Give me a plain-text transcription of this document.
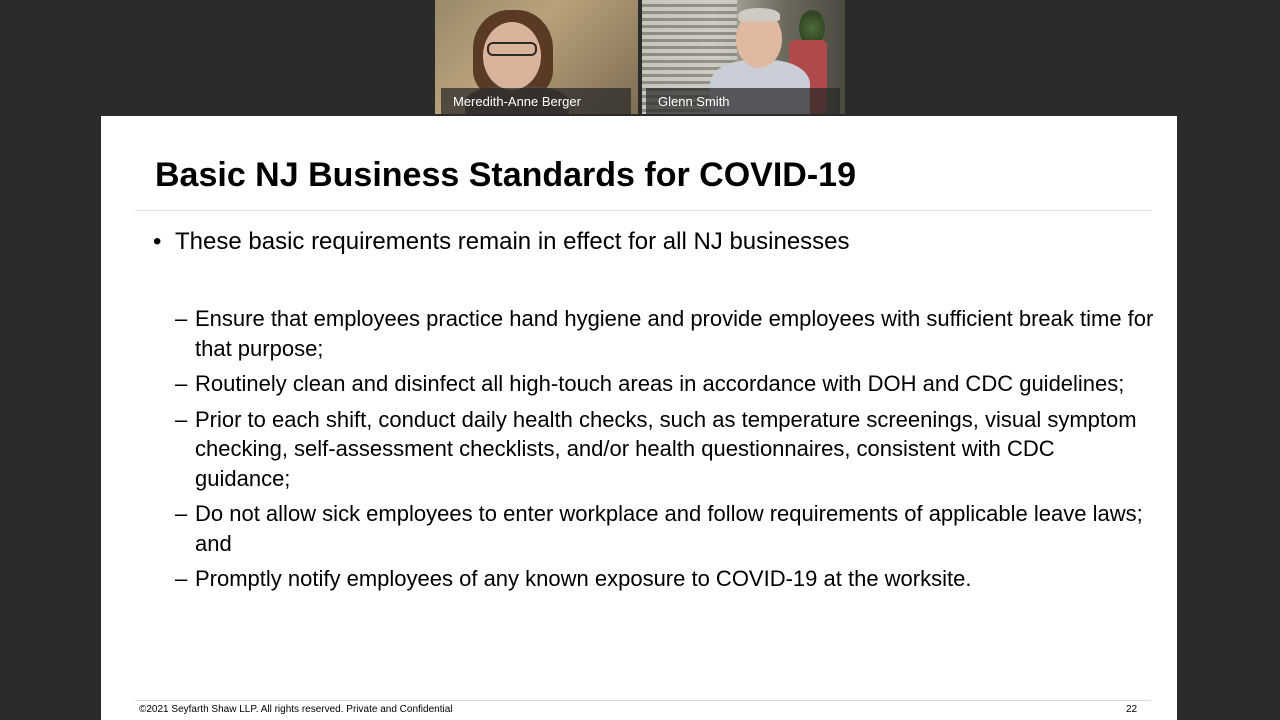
Meredith-Anne Berger	Glenn Smith
Basic NJ Business Standards for COVID-19
• These basic requirements remain in effect for all NJ businesses
– Ensure that employees practice hand hygiene and provide employees with sufficient break time for that purpose;
– Routinely clean and disinfect all high-touch areas in accordance with DOH and CDC guidelines;
– Prior to each shift, conduct daily health checks, such as temperature screenings, visual symptom checking, self-assessment checklists, and/or health questionnaires, consistent with CDC guidance;
– Do not allow sick employees to enter workplace and follow requirements of applicable leave laws; and
– Promptly notify employees of any known exposure to COVID-19 at the worksite.
©2021 Seyfarth Shaw LLP. All rights reserved. Private and Confidential	22
